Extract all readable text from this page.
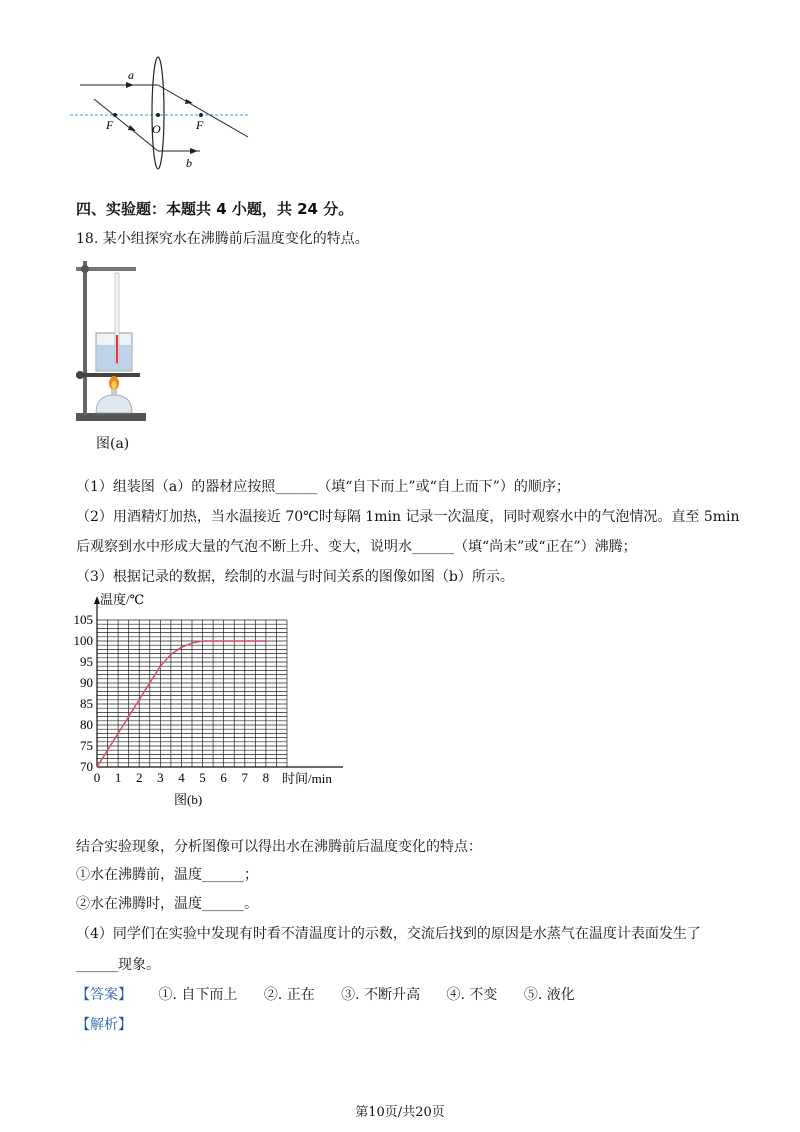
a
b
F	O	F
四、实验题：本题共 4 小题，共 24 分。
18. 某小组探究水在沸腾前后温度变化的特点。
图(a)
（1）组装图（a）的器材应按照______（填“自下而上”或“自上而下”）的顺序；
（2）用酒精灯加热，当水温接近 70℃时每隔 1min 记录一次温度，同时观察水中的气泡情况。直至 5min
后观察到水中形成大量的气泡不断上升、变大，说明水______（填“尚未”或“正在”）沸腾；
（3）根据记录的数据，绘制的水温与时间关系的图像如图（b）所示。
0 1 2 3 4 5 6 7 8
70
75
80
85
90
95
100
105
温度/℃
时间/min
图(b)
结合实验现象，分析图像可以得出水在沸腾前后温度变化的特点：
①水在沸腾前，温度______；
②水在沸腾时，温度______。
（4）同学们在实验中发现有时看不清温度计的示数，交流后找到的原因是水蒸气在温度计表面发生了
______现象。
【答案】 ①. 自下而上 ②. 正在 ③. 不断升高 ④. 不变 ⑤. 液化
【解析】
第10页/共20页
